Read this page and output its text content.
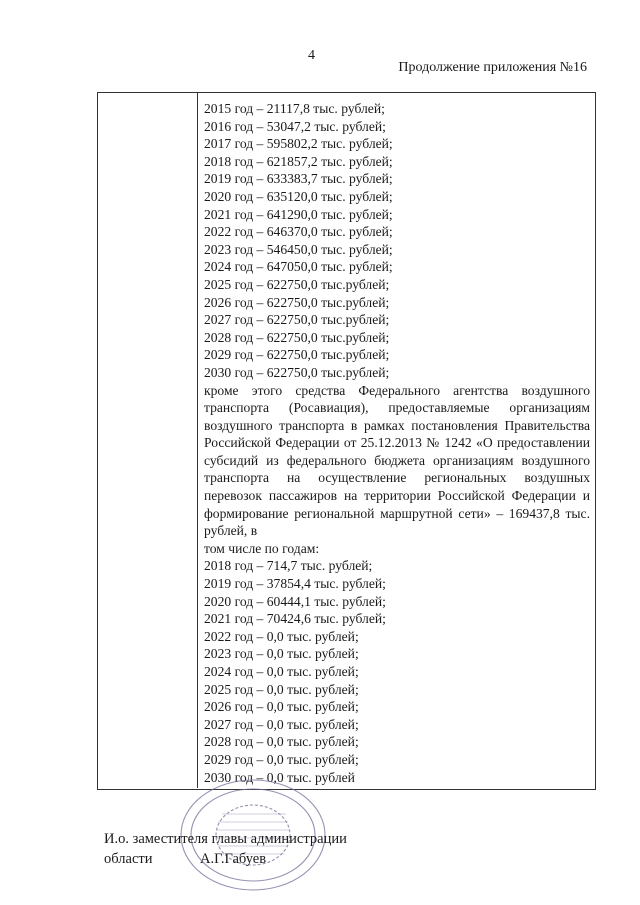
4
Продолжение приложения №16
2015 год – 21117,8 тыс. рублей;
2016 год – 53047,2 тыс. рублей;
2017 год – 595802,2 тыс. рублей;
2018 год – 621857,2 тыс. рублей;
2019 год – 633383,7 тыс. рублей;
2020 год – 635120,0 тыс. рублей;
2021 год – 641290,0 тыс. рублей;
2022 год – 646370,0 тыс. рублей;
2023 год – 546450,0 тыс. рублей;
2024 год – 647050,0 тыс. рублей;
2025 год – 622750,0 тыс.рублей;
2026 год – 622750,0 тыс.рублей;
2027 год – 622750,0 тыс.рублей;
2028 год – 622750,0 тыс.рублей;
2029 год – 622750,0 тыс.рублей;
2030 год – 622750,0 тыс.рублей;

кроме этого средства Федерального агентства воздушного транспорта (Росавиация), предоставляемые организациям воздушного транспорта в рамках постановления Правительства Российской Федерации от 25.12.2013 № 1242 «О предоставлении субсидий из федерального бюджета организациям воздушного транспорта на осуществление региональных воздушных перевозок пассажиров на территории Российской Федерации и формирование региональной маршрутной сети» – 169437,8 тыс. рублей, в

том числе по годам:
2018 год – 714,7 тыс. рублей;
2019 год – 37854,4 тыс. рублей;
2020 год – 60444,1 тыс. рублей;
2021 год – 70424,6 тыс. рублей;
2022 год – 0,0 тыс. рублей;
2023 год – 0,0 тыс. рублей;
2024 год – 0,0 тыс. рублей;
2025 год – 0,0 тыс. рублей;
2026 год – 0,0 тыс. рублей;
2027 год – 0,0 тыс. рублей;
2028 год – 0,0 тыс. рублей;
2029 год – 0,0 тыс. рублей;
2030 год – 0,0 тыс. рублей
И.о. заместителя главы администрации
области	А.Г.Габуев
